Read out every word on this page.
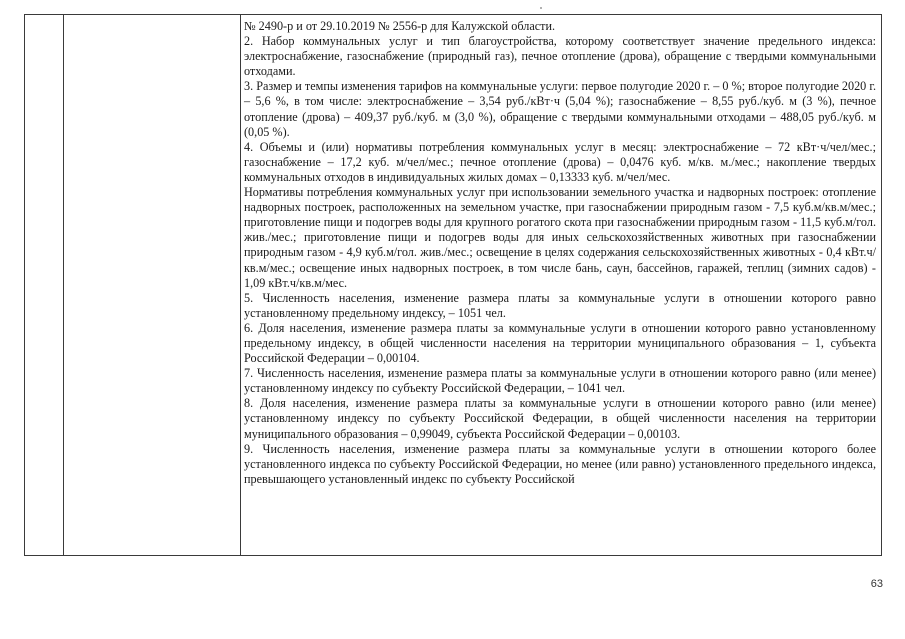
№ 2490-р и от 29.10.2019 № 2556-р для Калужской области.

2. Набор коммунальных услуг и тип благоустройства, которому соответствует значение предельного индекса: электроснабжение, газоснабжение (природный газ), печное отопление (дрова), обращение с твердыми коммунальными отходами.

3. Размер и темпы изменения тарифов на коммунальные услуги: первое полугодие 2020 г. – 0 %; второе полугодие 2020 г. – 5,6 %, в том числе: электроснабжение – 3,54 руб./кВт·ч (5,04 %); газоснабжение – 8,55 руб./куб. м (3 %), печное отопление (дрова) – 409,37 руб./куб. м (3,0 %), обращение с твердыми коммунальными отходами – 488,05 руб./куб. м (0,05 %).

4. Объемы и (или) нормативы потребления коммунальных услуг в месяц: электроснабжение – 72 кВт·ч/чел/мес.; газоснабжение – 17,2 куб. м/чел/мес.; печное отопление (дрова) – 0,0476 куб. м/кв. м./мес.; накопление твердых коммунальных отходов в индивидуальных жилых домах – 0,13333 куб. м/чел/мес.

Нормативы потребления коммунальных услуг при использовании земельного участка и надворных построек: отопление надворных построек, расположенных на земельном участке, при газоснабжении природным газом - 7,5 куб.м/кв.м/мес.; приготовление пищи и подогрев воды для крупного рогатого скота при газоснабжении природным газом - 11,5 куб.м/гол. жив./мес.; приготовление пищи и подогрев воды для иных сельскохозяйственных животных при газоснабжении природным газом - 4,9 куб.м/гол. жив./мес.; освещение в целях содержания сельскохозяйственных животных - 0,4 кВт.ч/кв.м/мес.; освещение иных надворных построек, в том числе бань, саун, бассейнов, гаражей, теплиц (зимних садов) - 1,09 кВт.ч/кв.м/мес.

5. Численность населения, изменение размера платы за коммунальные услуги в отношении которого равно установленному предельному индексу, – 1051 чел.

6. Доля населения, изменение размера платы за коммунальные услуги в отношении которого равно установленному предельному индексу, в общей численности населения на территории муниципального образования – 1, субъекта Российской Федерации – 0,00104.

7. Численность населения, изменение размера платы за коммунальные услуги в отношении которого равно (или менее) установленному индексу по субъекту Российской Федерации, – 1041 чел.

8. Доля населения, изменение размера платы за коммунальные услуги в отношении которого равно (или менее) установленному индексу по субъекту Российской Федерации, в общей численности населения на территории муниципального образования – 0,99049, субъекта Российской Федерации – 0,00103.

9. Численность населения, изменение размера платы за коммунальные услуги в отношении которого более установленного индекса по субъекту Российской Федерации, но менее (или равно) установленного предельного индекса, превышающего установленный индекс по субъекту Российской

63
